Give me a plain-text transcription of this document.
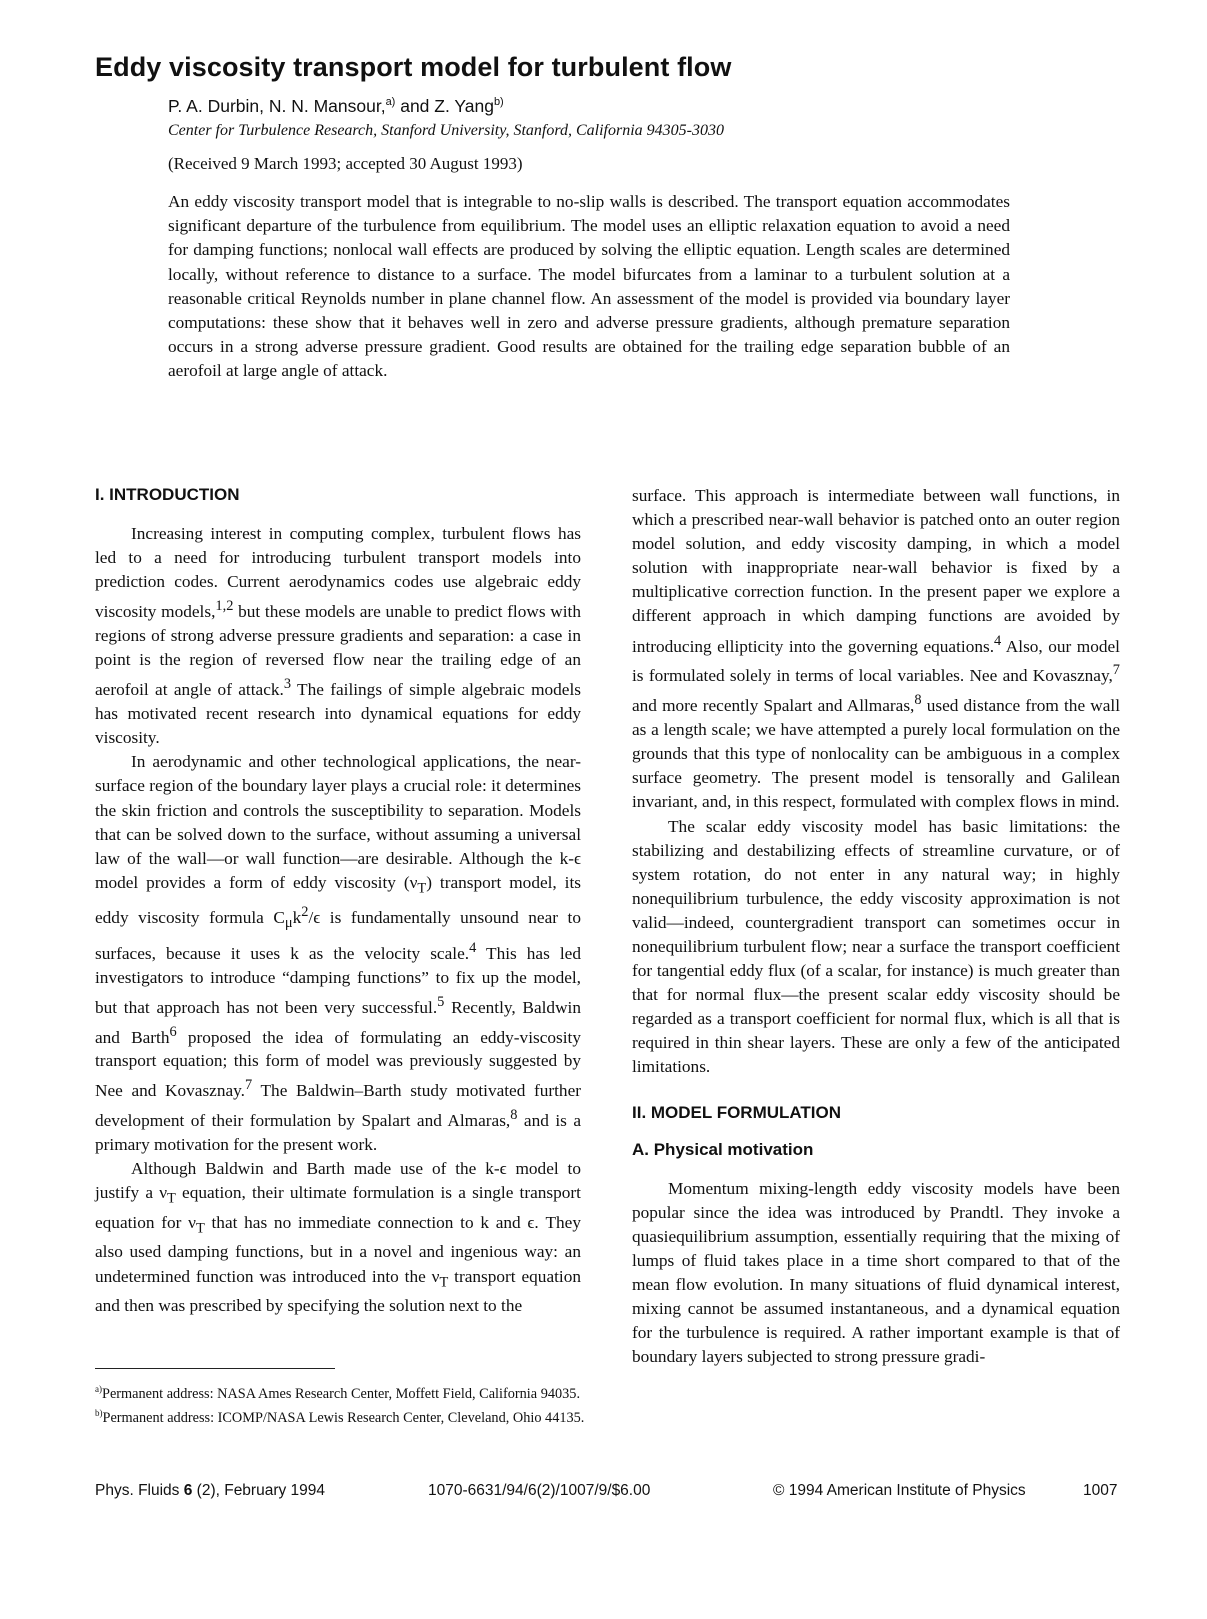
Eddy viscosity transport model for turbulent flow
P. A. Durbin, N. N. Mansour,$^{a)}$ and Z. Yang$^{b)}$
Center for Turbulence Research, Stanford University, Stanford, California 94305-3030
(Received 9 March 1993; accepted 30 August 1993)

An eddy viscosity transport model that is integrable to no-slip walls is described. The transport equation accommodates significant departure of the turbulence from equilibrium. The model uses an elliptic relaxation equation to avoid a need for damping functions; nonlocal wall effects are produced by solving the elliptic equation. Length scales are determined locally, without reference to distance to a surface. The model bifurcates from a laminar to a turbulent solution at a reasonable critical Reynolds number in plane channel flow. An assessment of the model is provided via boundary layer computations: these show that it behaves well in zero and adverse pressure gradients, although premature separation occurs in a strong adverse pressure gradient. Good results are obtained for the trailing edge separation bubble of an aerofoil at large angle of attack.

I. INTRODUCTION

Increasing interest in computing complex, turbulent flows has led to a need for introducing turbulent transport models into prediction codes. Current aerodynamics codes use algebraic eddy viscosity models,$^{1,2}$ but these models are unable to predict flows with regions of strong adverse pressure gradients and separation: a case in point is the region of reversed flow near the trailing edge of an aerofoil at angle of attack.$^3$ The failings of simple algebraic models has motivated recent research into dynamical equations for eddy viscosity.

In aerodynamic and other technological applications, the near-surface region of the boundary layer plays a crucial role: it determines the skin friction and controls the susceptibility to separation. Models that can be solved down to the surface, without assuming a universal law of the wall—or wall function—are desirable. Although the k-ϵ model provides a form of eddy viscosity $(\nu_T)$ transport model, its eddy viscosity formula $C_\mu k^2/\epsilon$ is fundamentally unsound near to surfaces, because it uses k as the velocity scale.$^4$ This has led investigators to introduce “damping functions” to fix up the model, but that approach has not been very successful.$^5$ Recently, Baldwin and Barth$^6$ proposed the idea of formulating an eddy-viscosity transport equation; this form of model was previously suggested by Nee and Kovasznay.$^7$ The Baldwin–Barth study motivated further development of their formulation by Spalart and Almaras,$^8$ and is a primary motivation for the present work.

Although Baldwin and Barth made use of the k-ϵ model to justify a $\nu_T$ equation, their ultimate formulation is a single transport equation for $\nu_T$ that has no immediate connection to k and ϵ. They also used damping functions, but in a novel and ingenious way: an undetermined function was introduced into the $\nu_T$ transport equation and then was prescribed by specifying the solution next to the

surface. This approach is intermediate between wall functions, in which a prescribed near-wall behavior is patched onto an outer region model solution, and eddy viscosity damping, in which a model solution with inappropriate near-wall behavior is fixed by a multiplicative correction function. In the present paper we explore a different approach in which damping functions are avoided by introducing ellipticity into the governing equations.$^4$ Also, our model is formulated solely in terms of local variables. Nee and Kovasznay,$^7$ and more recently Spalart and Allmaras,$^8$ used distance from the wall as a length scale; we have attempted a purely local formulation on the grounds that this type of nonlocality can be ambiguous in a complex surface geometry. The present model is tensorally and Galilean invariant, and, in this respect, formulated with complex flows in mind.

The scalar eddy viscosity model has basic limitations: the stabilizing and destabilizing effects of streamline curvature, or of system rotation, do not enter in any natural way; in highly nonequilibrium turbulence, the eddy viscosity approximation is not valid—indeed, countergradient transport can sometimes occur in nonequilibrium turbulent flow; near a surface the transport coefficient for tangential eddy flux (of a scalar, for instance) is much greater than that for normal flux—the present scalar eddy viscosity should be regarded as a transport coefficient for normal flux, which is all that is required in thin shear layers. These are only a few of the anticipated limitations.

II. MODEL FORMULATION
A. Physical motivation

Momentum mixing-length eddy viscosity models have been popular since the idea was introduced by Prandtl. They invoke a quasiequilibrium assumption, essentially requiring that the mixing of lumps of fluid takes place in a time short compared to that of the mean flow evolution. In many situations of fluid dynamical interest, mixing cannot be assumed instantaneous, and a dynamical equation for the turbulence is required. A rather important example is that of boundary layers subjected to strong pressure gradi-

$^{a)}$Permanent address: NASA Ames Research Center, Moffett Field, California 94035.

$^{b)}$Permanent address: ICOMP/NASA Lewis Research Center, Cleveland, Ohio 44135.

Phys. Fluids 6 (2), February 1994	1070-6631/94/6(2)/1007/9/$6.00	© 1994 American Institute of Physics	1007
